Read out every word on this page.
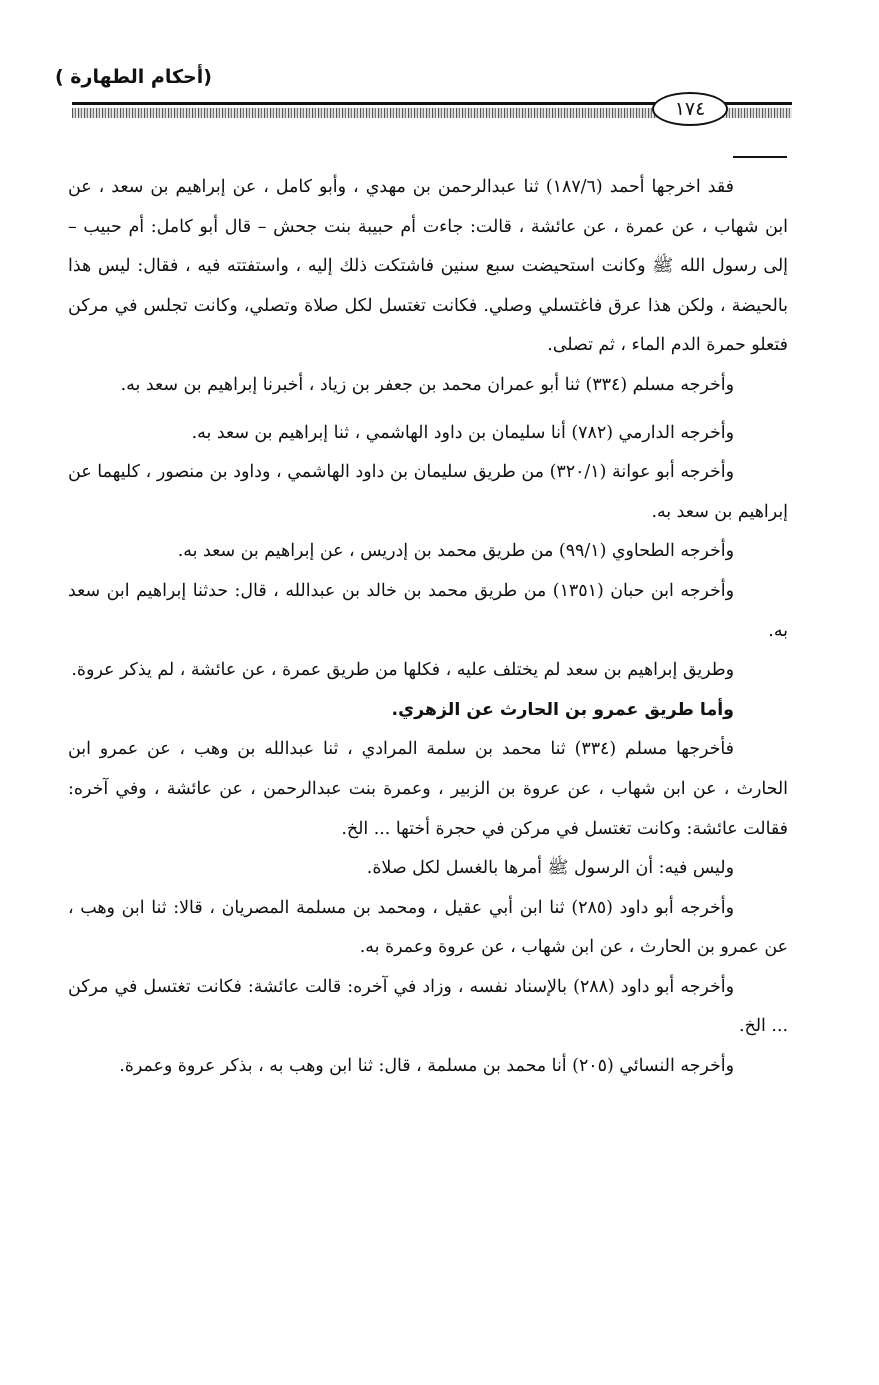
(أحكام الطهارة )
١٧٤

فقد اخرجها أحمد (١٨٧/٦) ثنا عبدالرحمن بن مهدي ، وأبو كامل ، عن إبراهيم بن سعد ، عن ابن شهاب ، عن عمرة ، عن عائشة ، قالت: جاءت أم حبيبة بنت جحش – قال أبو كامل: أم حبيب – إلى رسول الله ﷺ وكانت استحيضت سبع سنين فاشتكت ذلك إليه ، واستفتته فيه ، فقال: ليس هذا بالحيضة ، ولكن هذا عرق فاغتسلي وصلي. فكانت تغتسل لكل صلاة وتصلي، وكانت تجلس في مركن فتعلو حمرة الدم الماء ، ثم تصلى.

وأخرجه مسلم (٣٣٤) ثنا أبو عمران محمد بن جعفر بن زياد ، أخبرنا إبراهيم بن سعد به.

وأخرجه الدارمي (٧٨٢) أنا سليمان بن داود الهاشمي ، ثنا إبراهيم بن سعد به.

وأخرجه أبو عوانة (٣٢٠/١) من طريق سليمان بن داود الهاشمي ، وداود بن منصور ، كليهما عن إبراهيم بن سعد به.

وأخرجه الطحاوي (٩٩/١) من طريق محمد بن إدريس ، عن إبراهيم بن سعد به.

وأخرجه ابن حبان (١٣٥١) من طريق محمد بن خالد بن عبدالله ، قال: حدثنا إبراهيم ابن سعد به.

وطريق إبراهيم بن سعد لم يختلف عليه ، فكلها من طريق عمرة ، عن عائشة ، لم يذكر عروة.

وأما طريق عمرو بن الحارث عن الزهري.

فأخرجها مسلم (٣٣٤) ثنا محمد بن سلمة المرادي ، ثنا عبدالله بن وهب ، عن عمرو ابن الحارث ، عن ابن شهاب ، عن عروة بن الزبير ، وعمرة بنت عبدالرحمن ، عن عائشة ، وفي آخره: فقالت عائشة: وكانت تغتسل في مركن في حجرة أختها ... الخ.

وليس فيه: أن الرسول ﷺ أمرها بالغسل لكل صلاة.

وأخرجه أبو داود (٢٨٥) ثنا ابن أبي عقيل ، ومحمد بن مسلمة المصريان ، قالا: ثنا ابن وهب ، عن عمرو بن الحارث ، عن ابن شهاب ، عن عروة وعمرة به.

وأخرجه أبو داود (٢٨٨) بالإسناد نفسه ، وزاد في آخره: قالت عائشة: فكانت تغتسل في مركن ... الخ.

وأخرجه النسائي (٢٠٥) أنا محمد بن مسلمة ، قال: ثنا ابن وهب به ، بذكر عروة وعمرة.
